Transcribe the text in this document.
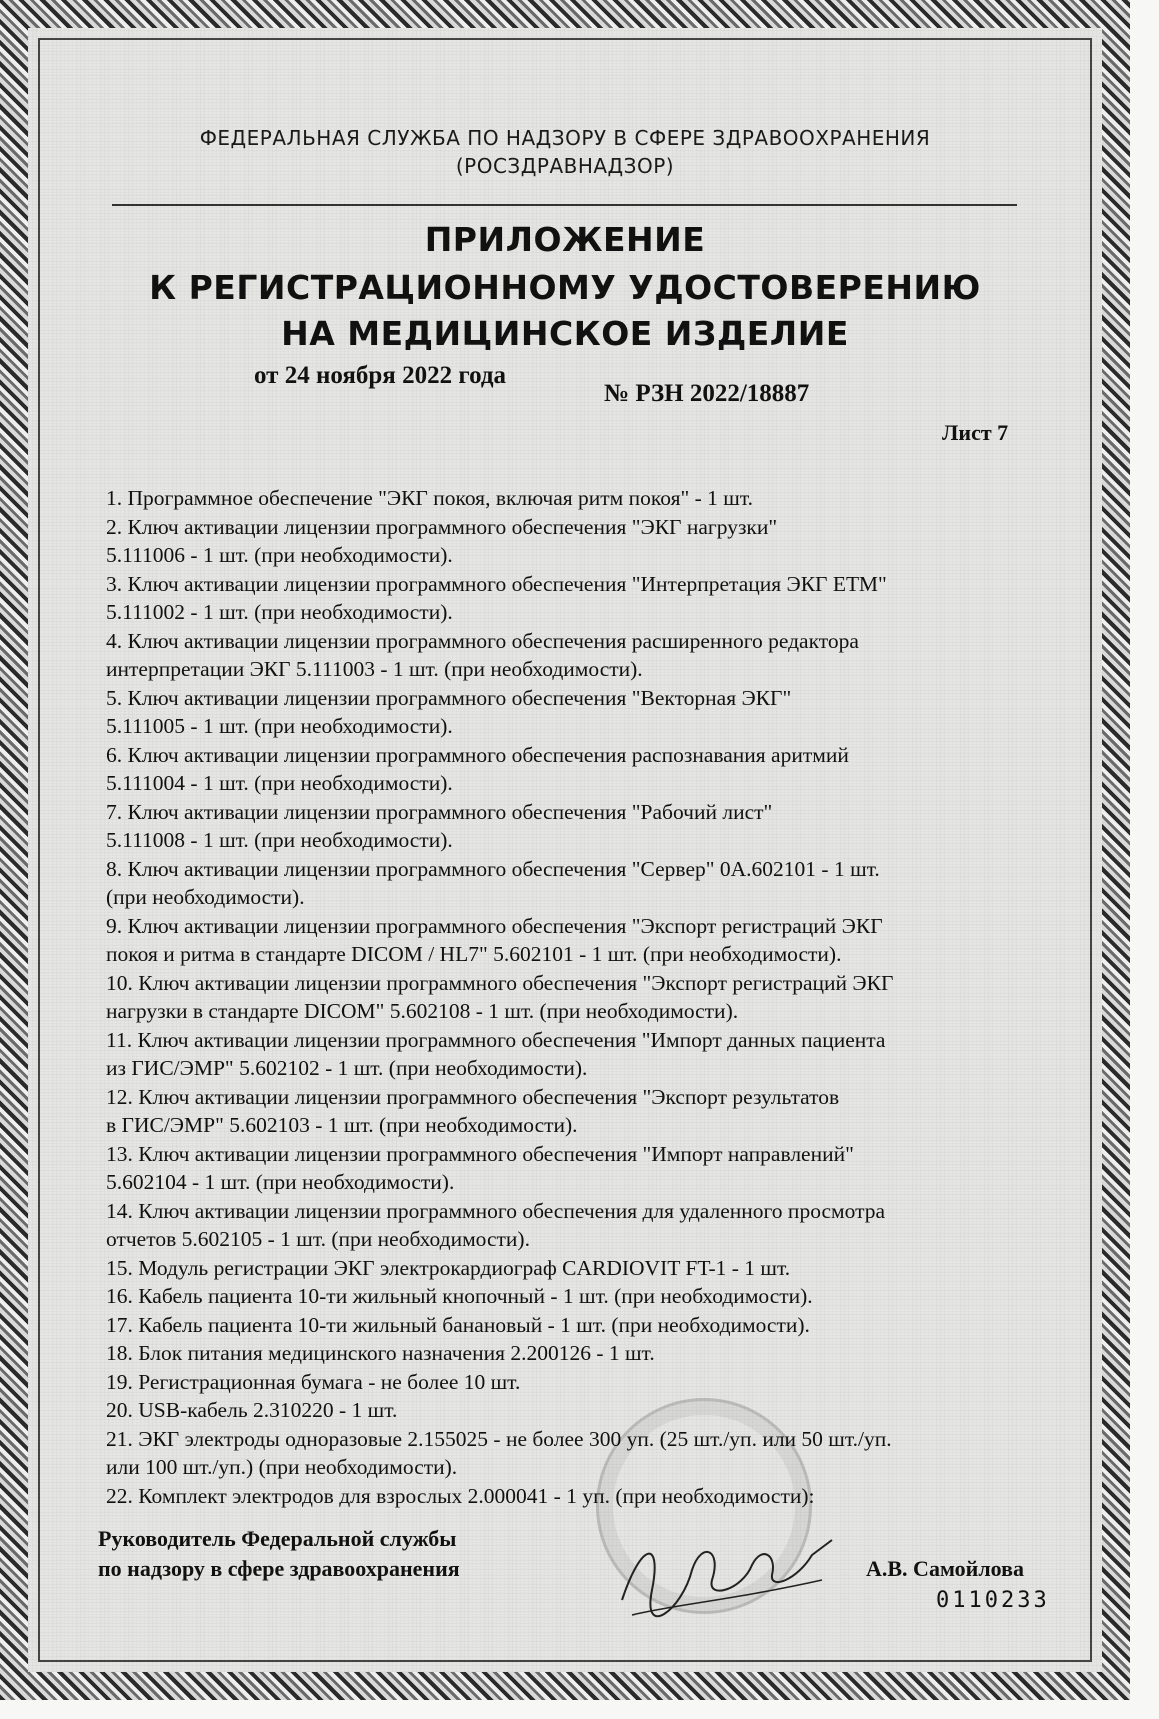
ФЕДЕРАЛЬНАЯ СЛУЖБА ПО НАДЗОРУ В СФЕРЕ ЗДРАВООХРАНЕНИЯ
(РОСЗДРАВНАДЗОР)
ПРИЛОЖЕНИЕ
К РЕГИСТРАЦИОННОМУ УДОСТОВЕРЕНИЮ
НА МЕДИЦИНСКОЕ ИЗДЕЛИЕ
от 24 ноября 2022 года
№ РЗН 2022/18887
Лист 7
1. Программное обеспечение "ЭКГ покоя, включая ритм покоя" - 1 шт.
2. Ключ активации лицензии программного обеспечения "ЭКГ нагрузки"
5.111006 - 1 шт. (при необходимости).
3. Ключ активации лицензии программного обеспечения "Интерпретация ЭКГ ЕТМ"
5.111002 - 1 шт. (при необходимости).
4. Ключ активации лицензии программного обеспечения расширенного редактора
интерпретации ЭКГ 5.111003 - 1 шт. (при необходимости).
5. Ключ активации лицензии программного обеспечения "Векторная ЭКГ"
5.111005 - 1 шт. (при необходимости).
6. Ключ активации лицензии программного обеспечения распознавания аритмий
5.111004 - 1 шт. (при необходимости).
7. Ключ активации лицензии программного обеспечения "Рабочий лист"
5.111008 - 1 шт. (при необходимости).
8. Ключ активации лицензии программного обеспечения "Сервер" 0А.602101 - 1 шт.
(при необходимости).
9. Ключ активации лицензии программного обеспечения "Экспорт регистраций ЭКГ
покоя и ритма в стандарте DICOM / HL7" 5.602101 - 1 шт. (при необходимости).
10. Ключ активации лицензии программного обеспечения "Экспорт регистраций ЭКГ
нагрузки в стандарте DICOM" 5.602108 - 1 шт. (при необходимости).
11. Ключ активации лицензии программного обеспечения "Импорт данных пациента
из ГИС/ЭМР" 5.602102 - 1 шт. (при необходимости).
12. Ключ активации лицензии программного обеспечения "Экспорт результатов
в ГИС/ЭМР" 5.602103 - 1 шт. (при необходимости).
13. Ключ активации лицензии программного обеспечения "Импорт направлений"
5.602104 - 1 шт. (при необходимости).
14. Ключ активации лицензии программного обеспечения для удаленного просмотра
отчетов 5.602105 - 1 шт. (при необходимости).
15. Модуль регистрации ЭКГ электрокардиограф CARDIOVIT FT-1 - 1 шт.
16. Кабель пациента 10-ти жильный кнопочный - 1 шт. (при необходимости).
17. Кабель пациента 10-ти жильный банановый - 1 шт. (при необходимости).
18. Блок питания медицинского назначения 2.200126 - 1 шт.
19. Регистрационная бумага - не более 10 шт.
20. USB-кабель 2.310220 - 1 шт.
21. ЭКГ электроды одноразовые 2.155025 - не более 300 уп. (25 шт./уп. или 50 шт./уп.
или 100 шт./уп.) (при необходимости).
22. Комплект электродов для взрослых 2.000041 - 1 уп. (при необходимости):
Руководитель Федеральной службы
по надзору в сфере здравоохранения	А.В. Самойлова
0110233
